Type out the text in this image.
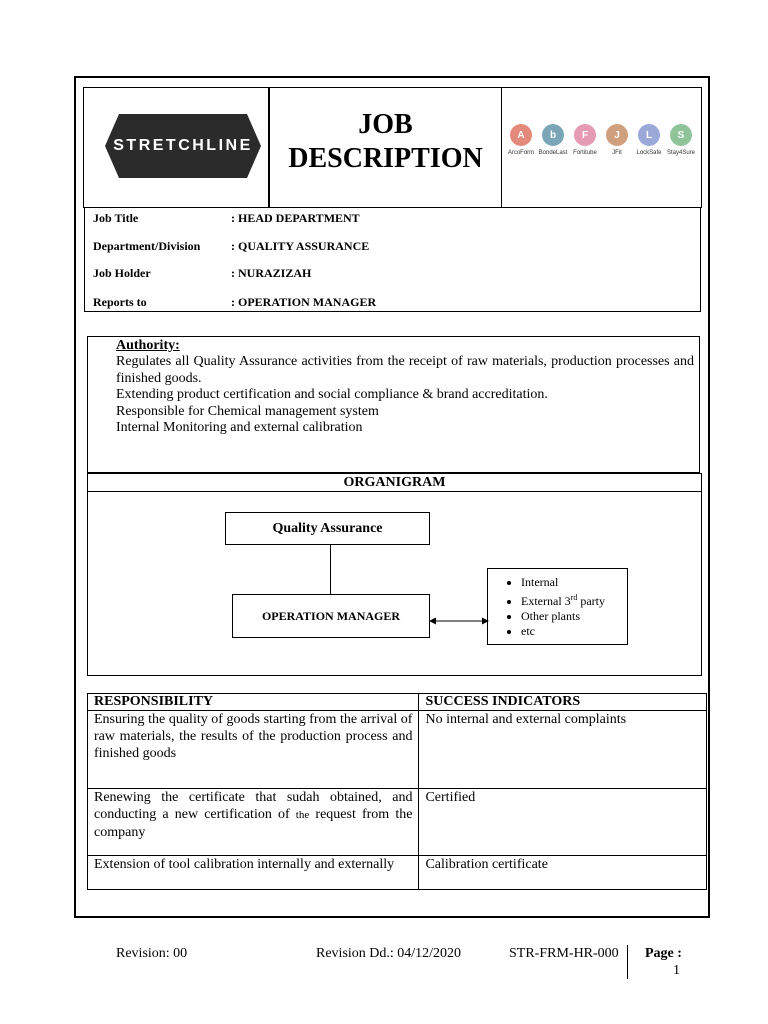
STRETCHLINE
JOB
DESCRIPTION
A
ArcoForm
b
BondeLast
F
Fortitube
J
JFit
L
LockSafe
S
Stay4Sure
Job Title	: HEAD DEPARTMENT
Department/Division	: QUALITY ASSURANCE
Job Holder	: NURAZIZAH
Reports to	: OPERATION MANAGER
Authority:
Regulates all Quality Assurance activities from the receipt of raw materials, production processes and finished goods.
Extending product certification and social compliance & brand accreditation.
Responsible for Chemical management system
Internal Monitoring and external calibration
ORGANIGRAM
Quality Assurance
OPERATION MANAGER
• Internal
• External 3rd party
• Other plants
• etc
RESPONSIBILITY	SUCCESS INDICATORS
Ensuring the quality of goods starting from the arrival of raw materials, the results of the production process and finished goods	No internal and external complaints
Renewing the certificate that sudah obtained, and conducting a new certification of the request from the company	Certified
Extension of tool calibration internally and externally	Calibration certificate
Revision: 00	Revision Dd.: 04/12/2020	STR-FRM-HR-000 Page :
1
